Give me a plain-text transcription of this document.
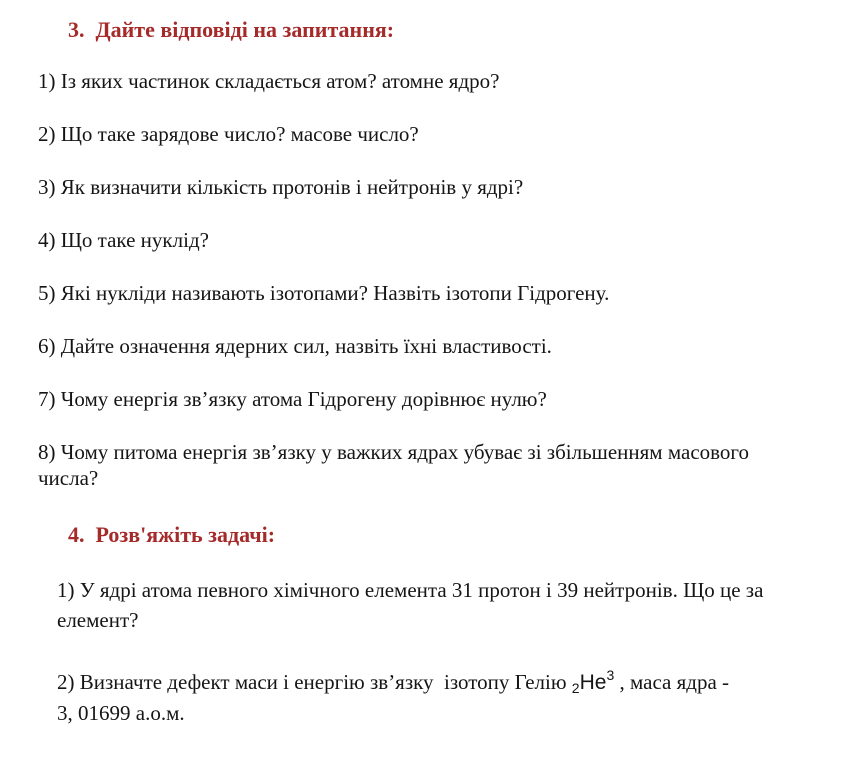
3.  Дайте відповіді на запитання:

1) Із яких частинок складається атом? атомне ядро?

2) Що таке зарядове число? масове число?

3) Як визначити кількість протонів і нейтронів у ядрі?

4) Що таке нуклід?

5) Які нукліди називають ізотопами? Назвіть ізотопи Гідрогену.

6) Дайте означення ядерних сил, назвіть їхні властивості.

7) Чому енергія зв’язку атома Гідрогену дорівнює нулю?

8) Чому питома енергія зв’язку у важких ядрах убуває зі збільшенням масового числа?

4.  Розв'яжіть задачі:

1) У ядрі атома певного хімічного елемента 31 протон і 39 нейтронів. Що це за елемент?

2) Визначте дефект маси і енергію зв’язку  ізотопу Гелію $_2He^3$ , маса ядра -
3, 01699 а.о.м.
